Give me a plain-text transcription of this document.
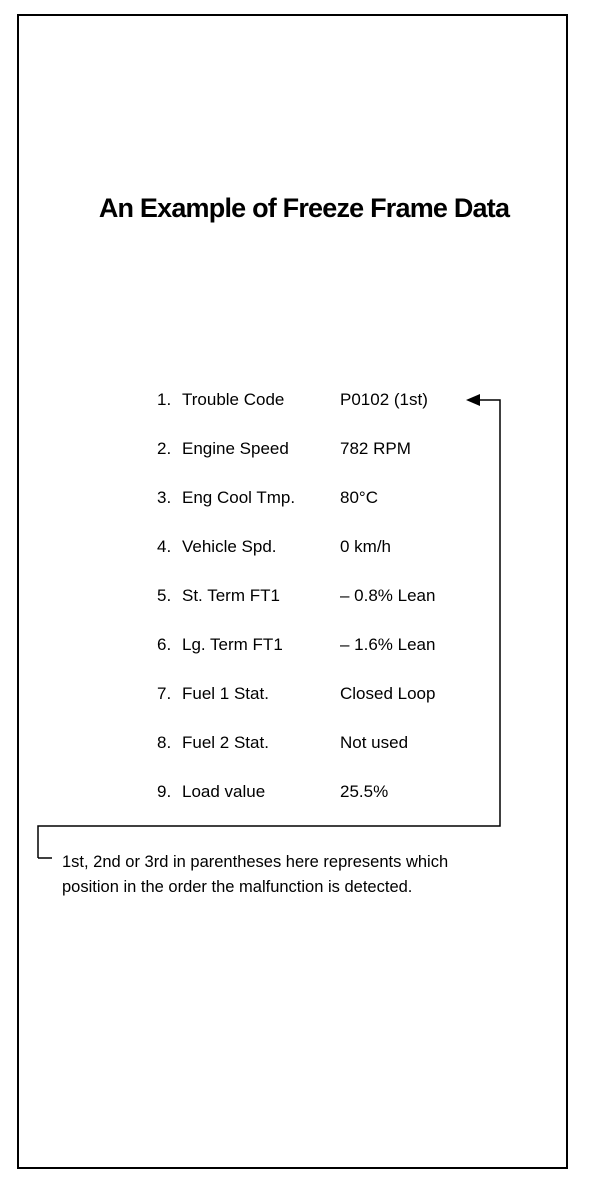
An Example of Freeze Frame Data
1. Trouble Code	P0102 (1st)
2. Engine Speed	782 RPM
3. Eng Cool Tmp.	80°C
4. Vehicle Spd.	0 km/h
5. St. Term FT1	– 0.8% Lean
6. Lg. Term FT1	– 1.6% Lean
7. Fuel 1 Stat.	Closed Loop
8. Fuel 2 Stat.	Not used
9. Load value	25.5%

1st, 2nd or 3rd in parentheses here represents which
position in the order the malfunction is detected.
